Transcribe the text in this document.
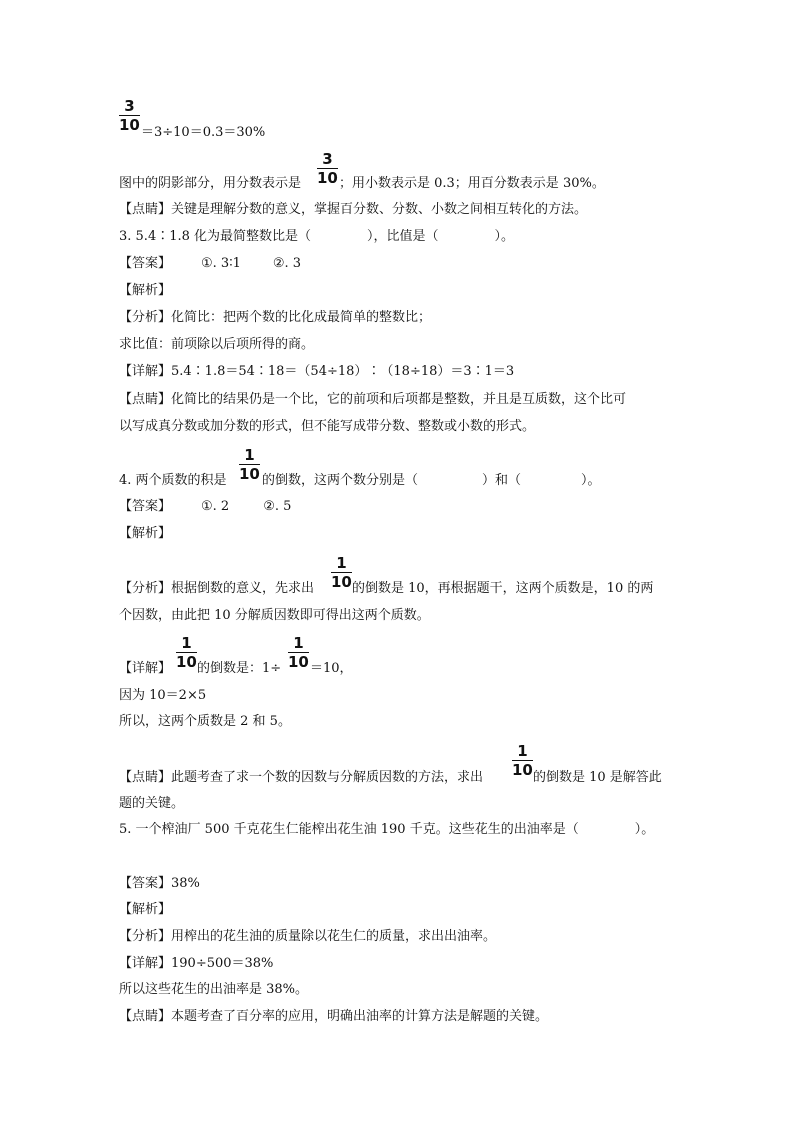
3
10 ＝3÷10＝0.3＝30%
图中的阴影部分，用分数表示是
3
10 ；用小数表示是 0.3；用百分数表示是 30%。
【点睛】关键是理解分数的意义，掌握百分数、分数、小数之间相互转化的方法。
3. 5.4∶1.8 化为最简整数比是（	），比值是（	）。
【答案】 ①. 3∶1 ②. 3
【解析】
【分析】化简比：把两个数的比化成最简单的整数比；
求比值：前项除以后项所得的商。
【详解】5.4∶1.8＝54∶18＝（54÷18）∶（18÷18）＝3∶1＝3
【点睛】化简比的结果仍是一个比，它的前项和后项都是整数，并且是互质数，这个比可
以写成真分数或加分数的形式，但不能写成带分数、整数或小数的形式。
4. 两个质数的积是
1
10 的倒数，这两个数分别是（	）和（	）。
【答案】 ①. 2	②. 5
【解析】
【分析】根据倒数的意义，先求出
1
10 的倒数是 10，再根据题干，这两个质数是，10 的两
个因数，由此把 10 分解质因数即可得出这两个质数。
【详解】
1
10 的倒数是：1÷
1
10 ＝10，
因为 10＝2×5
所以，这两个质数是 2 和 5。
【点睛】此题考查了求一个数的因数与分解质因数的方法，求出
1
10 的倒数是 10 是解答此
题的关键。
5. 一个榨油厂 500 千克花生仁能榨出花生油 190 千克。这些花生的出油率是（	）。
【答案】38%
【解析】
【分析】用榨出的花生油的质量除以花生仁的质量，求出出油率。
【详解】190÷500＝38%
所以这些花生的出油率是 38%。
【点睛】本题考查了百分率的应用，明确出油率的计算方法是解题的关键。
